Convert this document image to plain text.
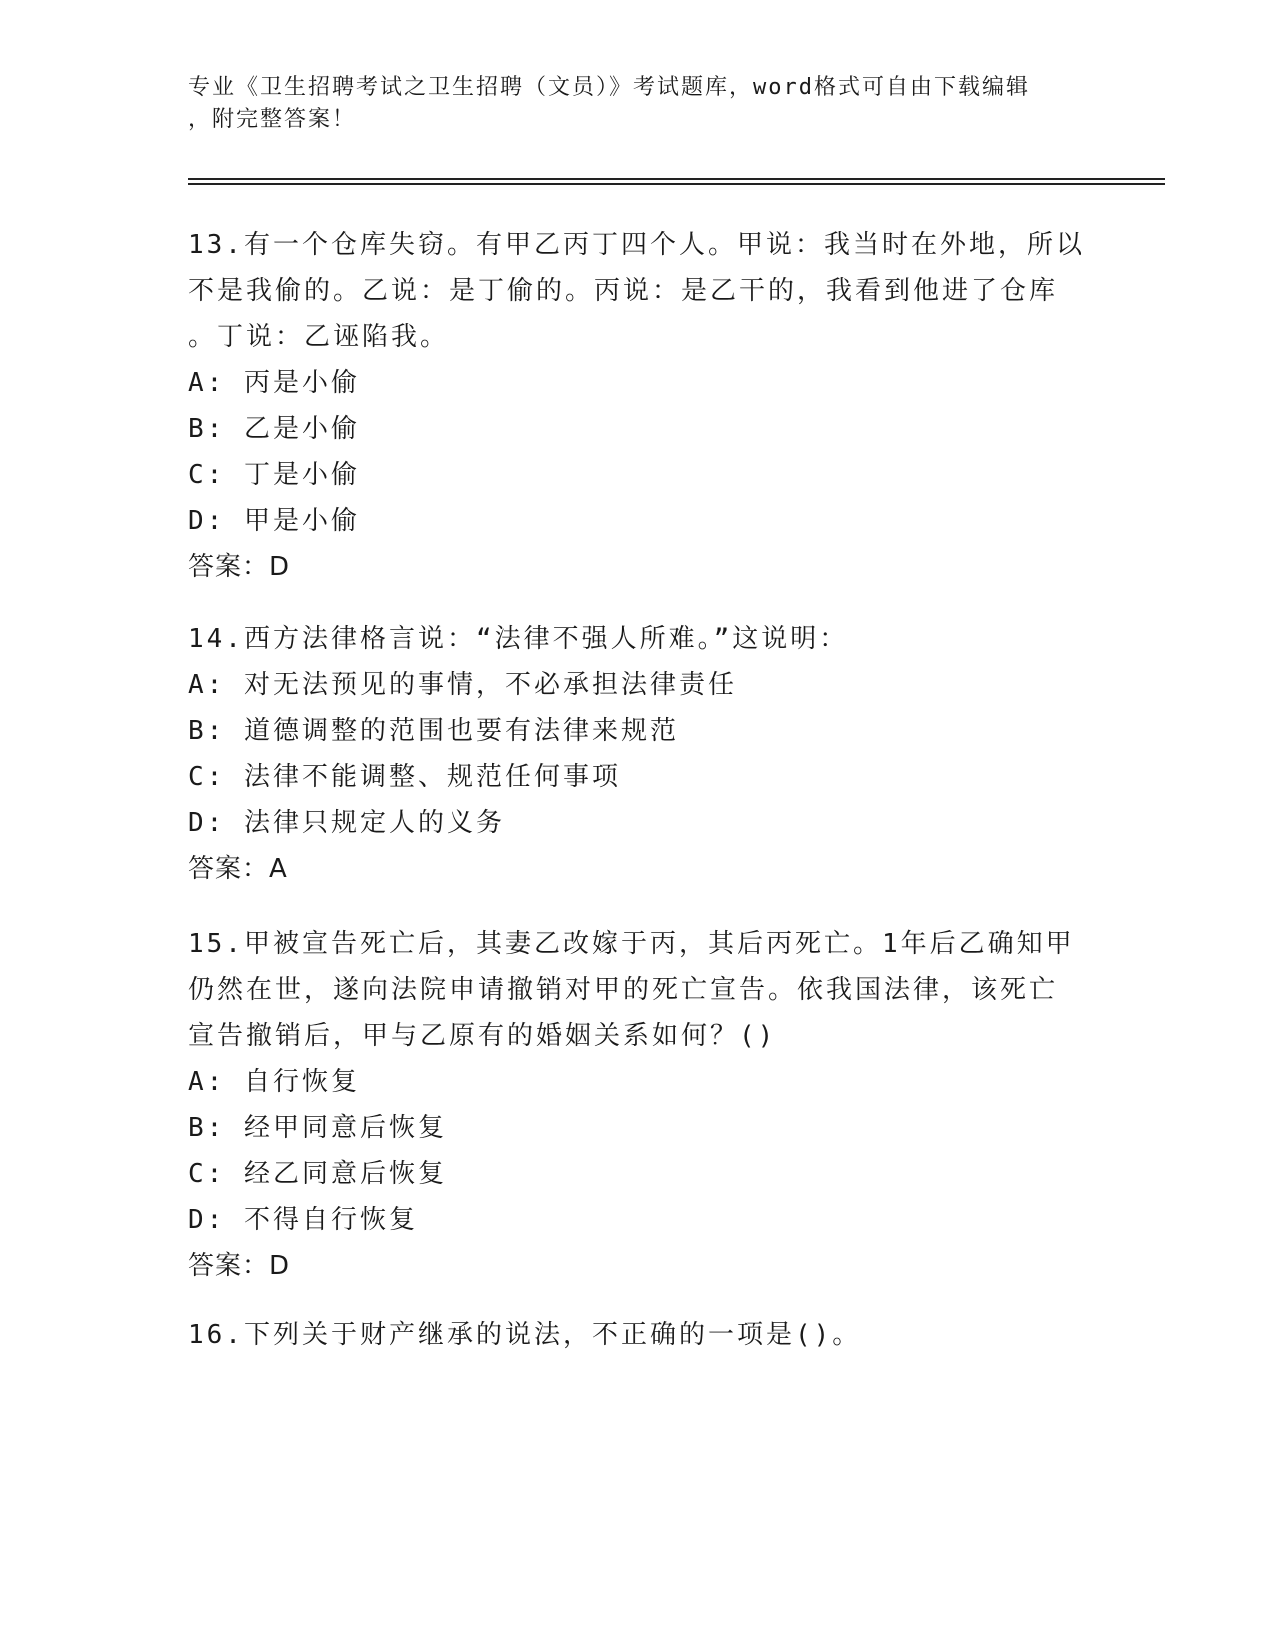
专业《卫生招聘考试之卫生招聘（文员）》考试题库，word格式可自由下载编辑
，附完整答案！
13.有一个仓库失窃。有甲乙丙丁四个人。甲说：我当时在外地，所以
不是我偷的。乙说：是丁偷的。丙说：是乙干的，我看到他进了仓库
。丁说：乙诬陷我。
A: 丙是小偷
B: 乙是小偷
C: 丁是小偷
D: 甲是小偷
答案：D
14.西方法律格言说：“法律不强人所难。”这说明：
A: 对无法预见的事情，不必承担法律责任
B: 道德调整的范围也要有法律来规范
C: 法律不能调整、规范任何事项
D: 法律只规定人的义务
答案：A
15.甲被宣告死亡后，其妻乙改嫁于丙，其后丙死亡。1年后乙确知甲
仍然在世，遂向法院申请撤销对甲的死亡宣告。依我国法律，该死亡
宣告撤销后，甲与乙原有的婚姻关系如何？()
A: 自行恢复
B: 经甲同意后恢复
C: 经乙同意后恢复
D: 不得自行恢复
答案：D
16.下列关于财产继承的说法，不正确的一项是()。
